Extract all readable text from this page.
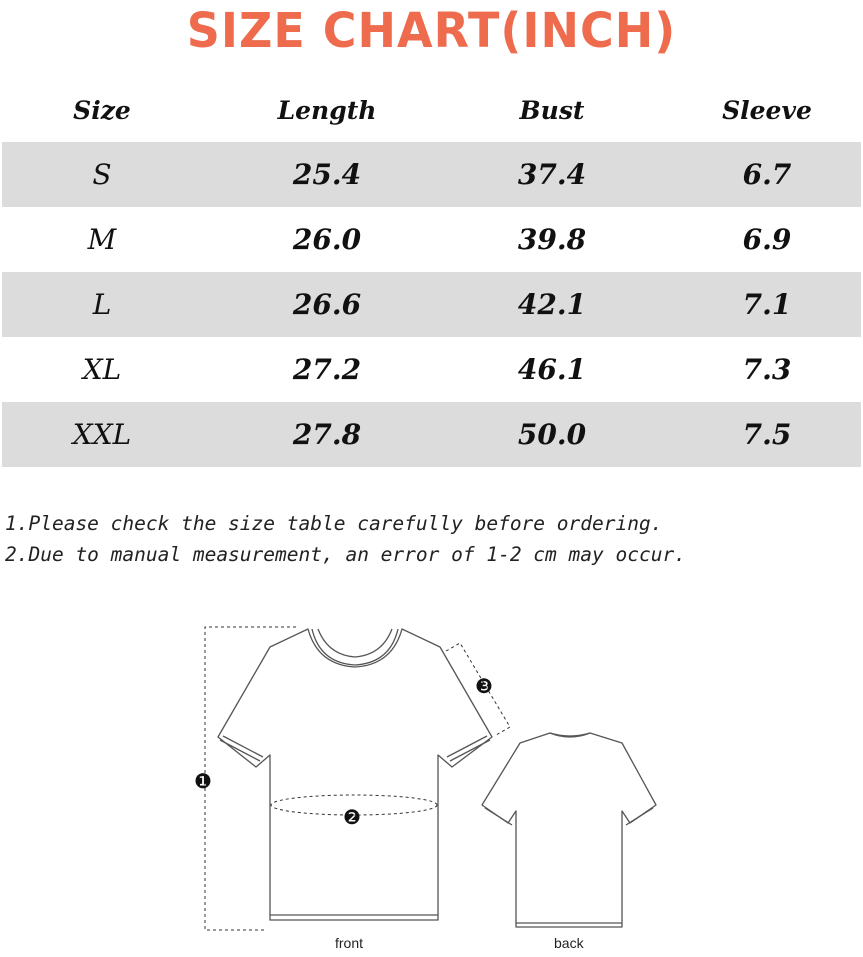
SIZE CHART(INCH)
Size	Length	Bust	Sleeve
S	25.4	37.4	6.7
M	26.0	39.8	6.9
L	26.6	42.1	7.1
XL	27.2	46.1	7.3
XXL	27.8	50.0	7.5
1.Please check the size table carefully before ordering.
2.Due to manual measurement, an error of 1-2 cm may occur.
❶
❷
❸
front	back
